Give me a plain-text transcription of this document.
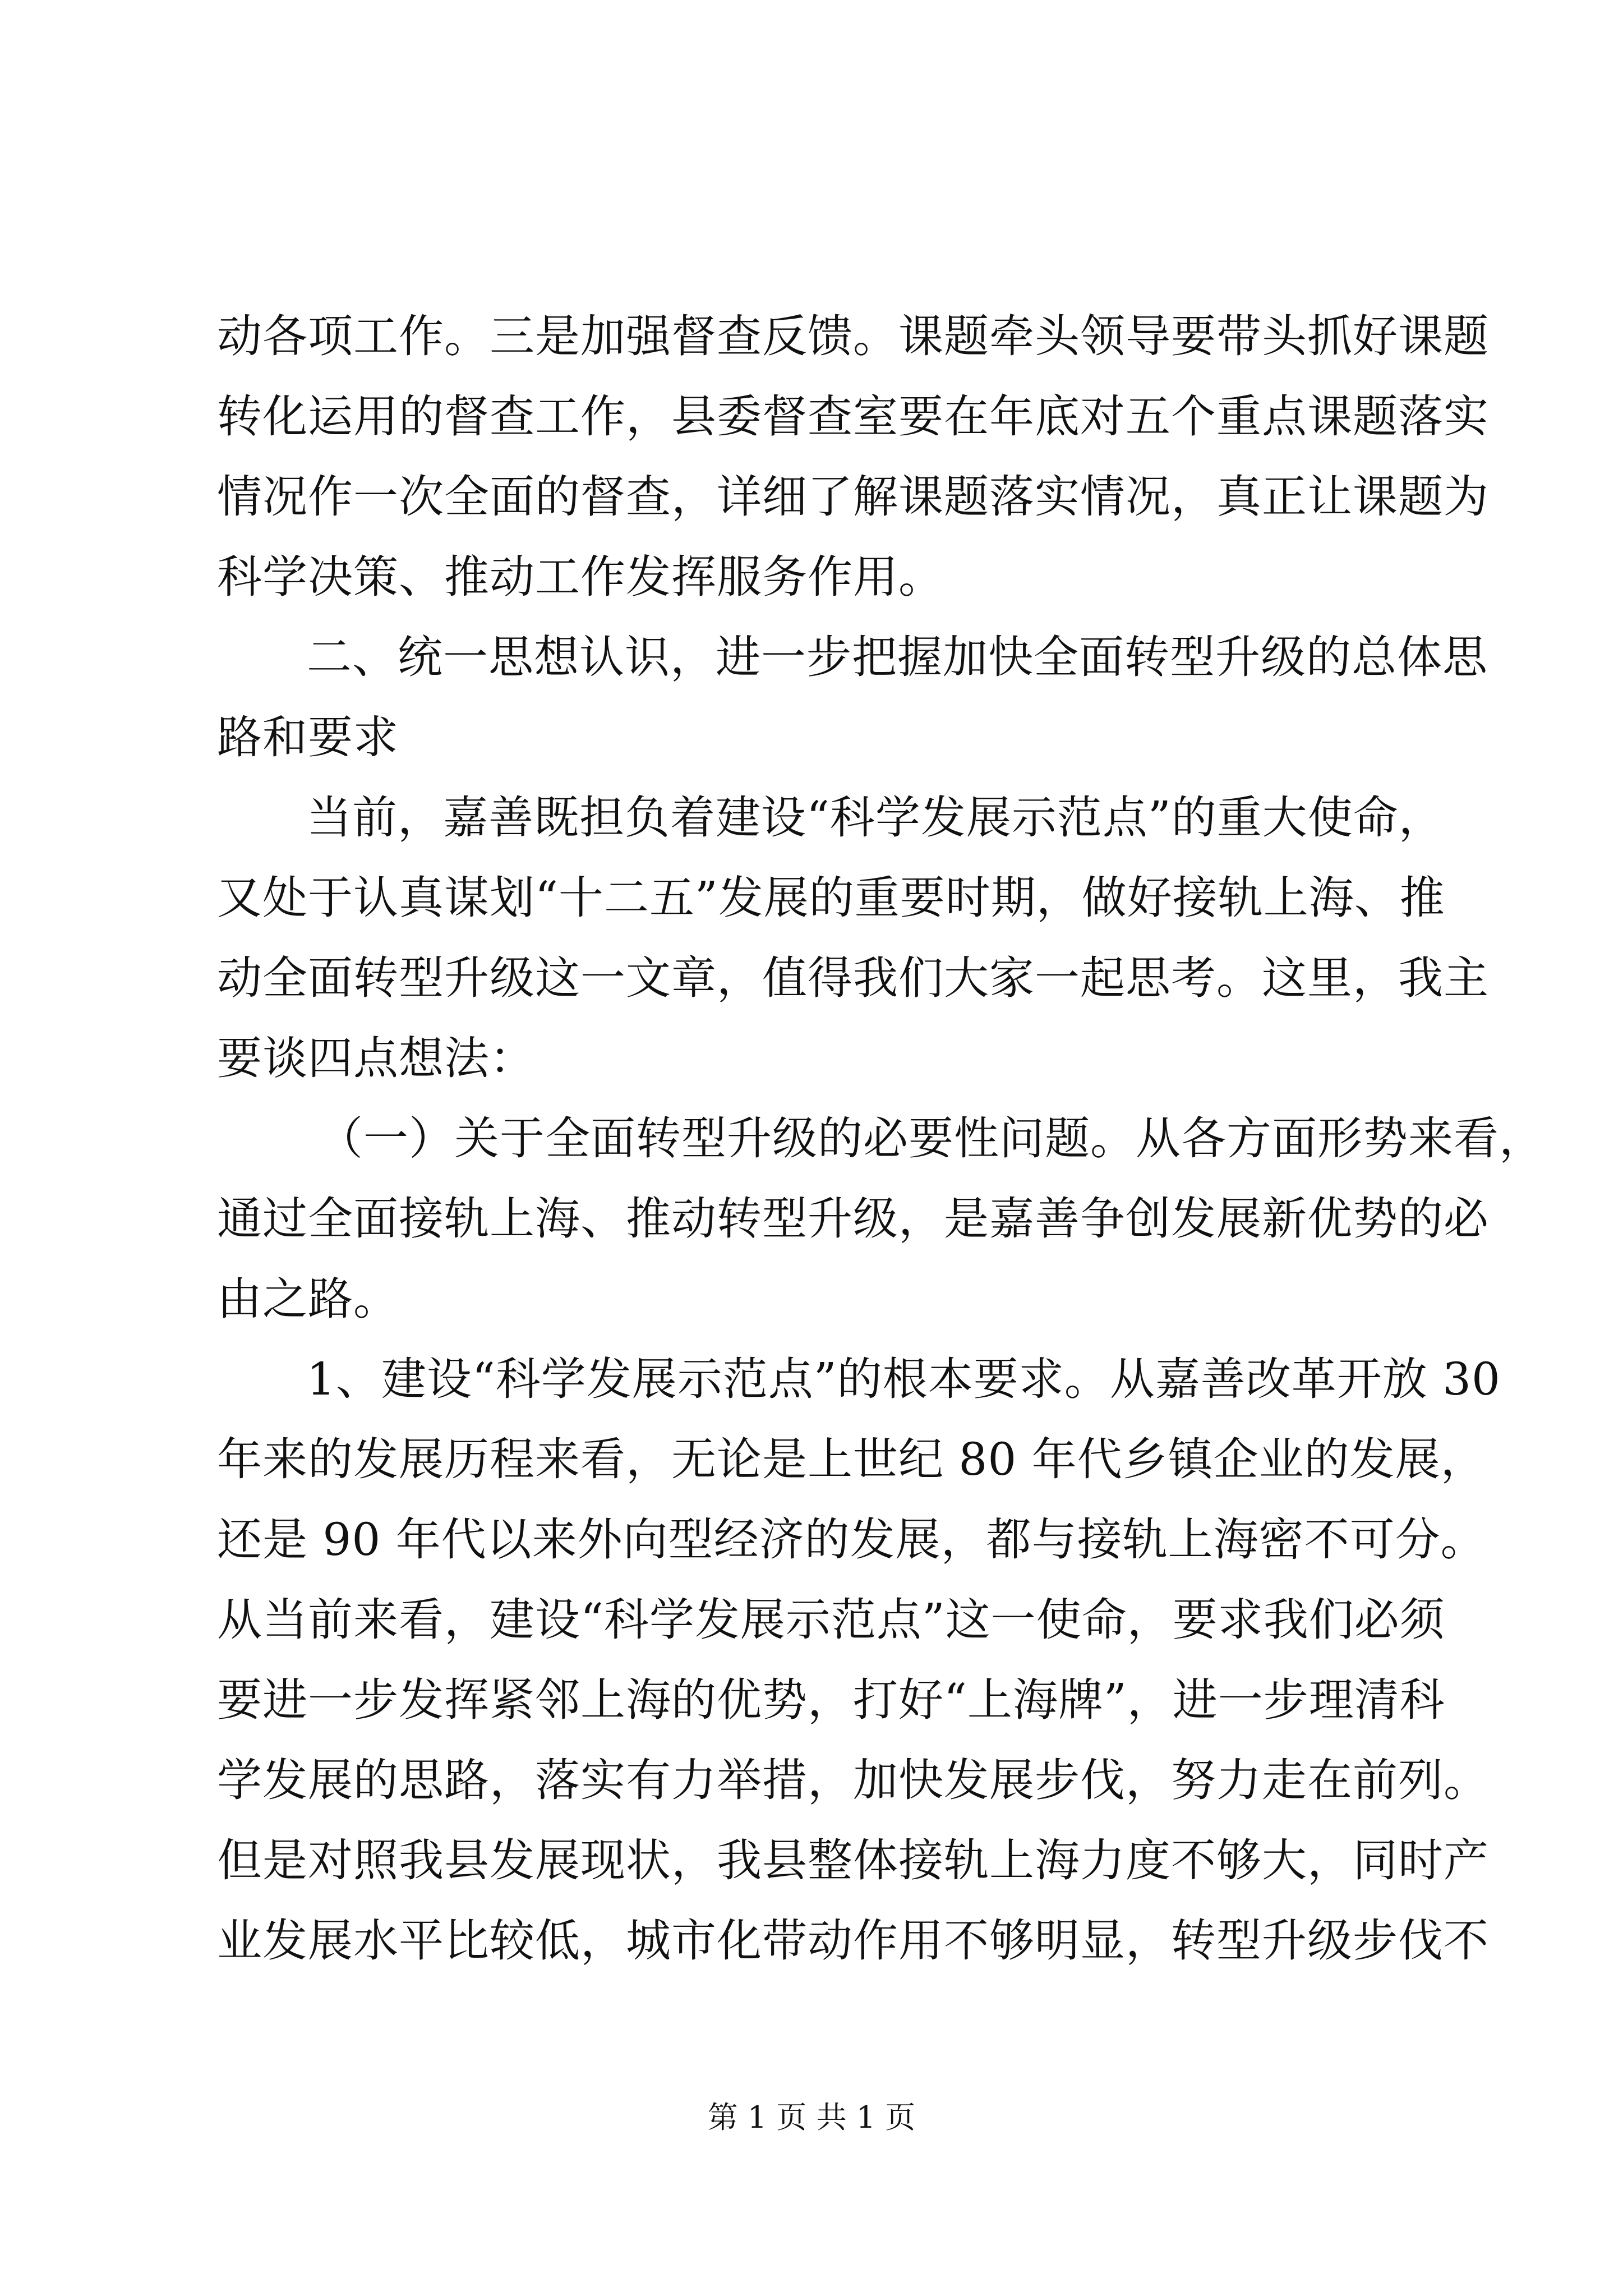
动各项工作。三是加强督查反馈。课题牵头领导要带头抓好课题
转化运用的督查工作，县委督查室要在年底对五个重点课题落实
情况作一次全面的督查，详细了解课题落实情况，真正让课题为
科学决策、推动工作发挥服务作用。
二、统一思想认识，进一步把握加快全面转型升级的总体思
路和要求
当前，嘉善既担负着建设“科学发展示范点”的重大使命，
又处于认真谋划“十二五”发展的重要时期，做好接轨上海、推
动全面转型升级这一文章，值得我们大家一起思考。这里，我主
要谈四点想法：
（一）关于全面转型升级的必要性问题。从各方面形势来看，
通过全面接轨上海、推动转型升级，是嘉善争创发展新优势的必
由之路。
1、建设“科学发展示范点”的根本要求。从嘉善改革开放 30
年来的发展历程来看，无论是上世纪 80 年代乡镇企业的发展，
还是 90 年代以来外向型经济的发展，都与接轨上海密不可分。
从当前来看，建设“科学发展示范点”这一使命，要求我们必须
要进一步发挥紧邻上海的优势，打好“上海牌”，进一步理清科
学发展的思路，落实有力举措，加快发展步伐，努力走在前列。
但是对照我县发展现状，我县整体接轨上海力度不够大，同时产
业发展水平比较低，城市化带动作用不够明显，转型升级步伐不
第 1 页 共 1 页
